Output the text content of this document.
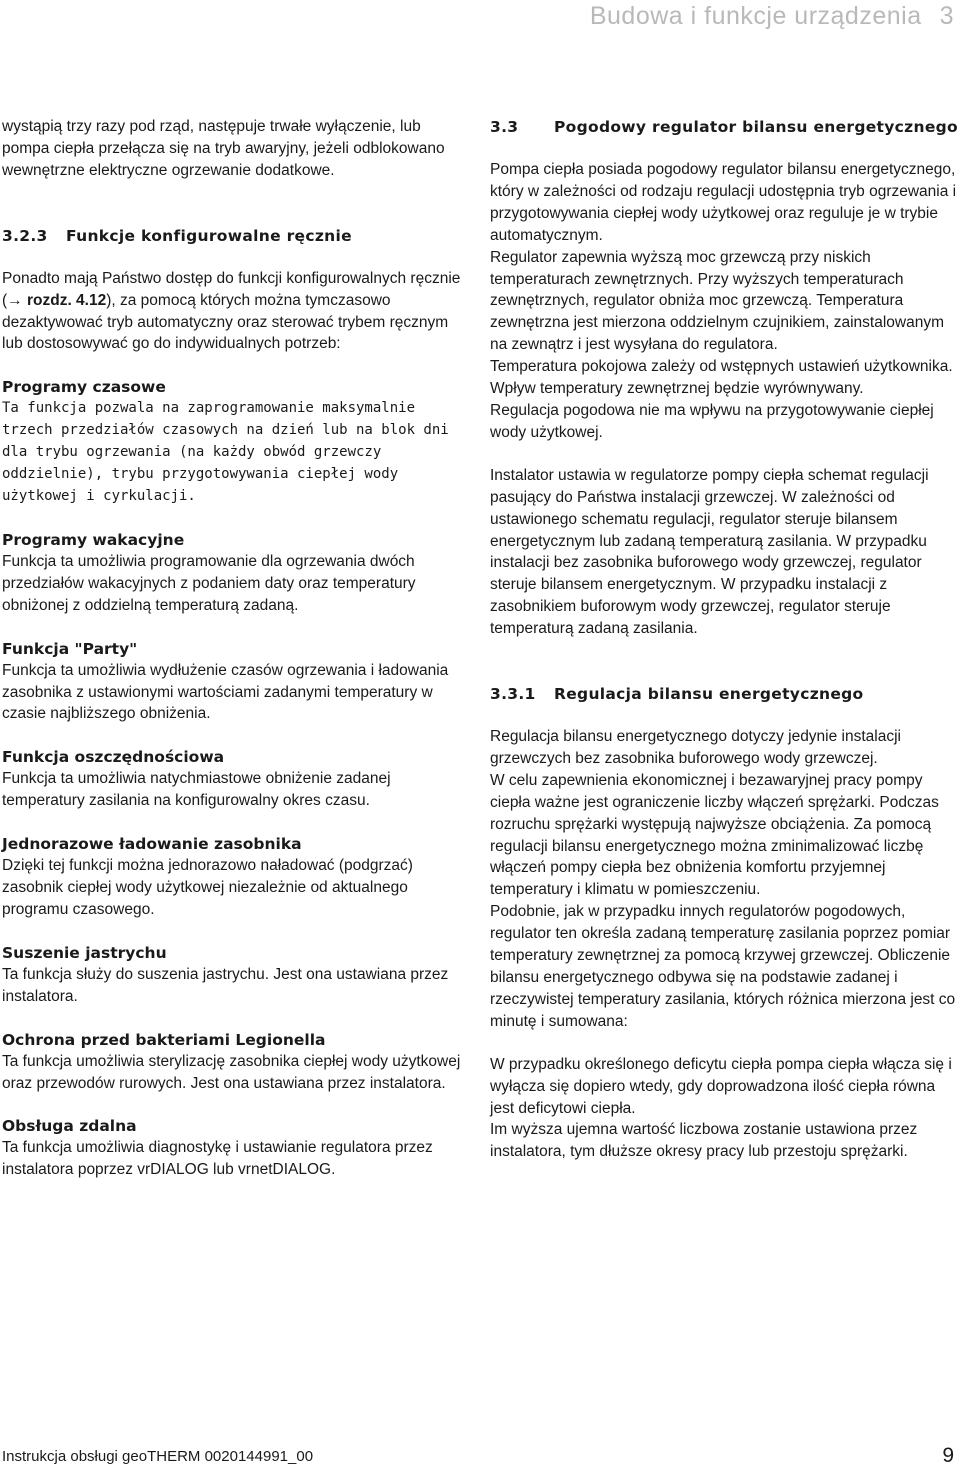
Budowa i funkcje urządzenia 3

wystąpią trzy razy pod rząd, następuje trwałe wyłączenie, lub pompa ciepła przełącza się na tryb awaryjny, jeżeli odblokowano wewnętrzne elektryczne ogrzewanie dodatkowe.

3.2.3	Funkcje konfigurowalne ręcznie

Ponadto mają Państwo dostęp do funkcji konfigurowalnych ręcznie (→ rozdz. 4.12), za pomocą których można tymczasowo dezaktywować tryb automatyczny oraz sterować trybem ręcznym lub dostosowywać go do indywidualnych potrzeb:

Programy czasowe

Ta funkcja pozwala na zaprogramowanie maksymalnie trzech przedziałów czasowych na dzień lub na blok dni dla trybu ogrzewania (na każdy obwód grzewczy oddzielnie), trybu przygotowywania ciepłej wody użytkowej i cyrkulacji.

Programy wakacyjne

Funkcja ta umożliwia programowanie dla ogrzewania dwóch przedziałów wakacyjnych z podaniem daty oraz temperatury obniżonej z oddzielną temperaturą zadaną.

Funkcja "Party"

Funkcja ta umożliwia wydłużenie czasów ogrzewania i ładowania zasobnika z ustawionymi wartościami zadanymi temperatury w czasie najbliższego obniżenia.

Funkcja oszczędnościowa

Funkcja ta umożliwia natychmiastowe obniżenie zadanej temperatury zasilania na konfigurowalny okres czasu.

Jednorazowe ładowanie zasobnika

Dzięki tej funkcji można jednorazowo naładować (podgrzać) zasobnik ciepłej wody użytkowej niezależnie od aktualnego programu czasowego.

Suszenie jastrychu

Ta funkcja służy do suszenia jastrychu. Jest ona ustawiana przez instalatora.

Ochrona przed bakteriami Legionella

Ta funkcja umożliwia sterylizację zasobnika ciepłej wody użytkowej oraz przewodów rurowych. Jest ona ustawiana przez instalatora.

Obsługa zdalna

Ta funkcja umożliwia diagnostykę i ustawianie regulatora przez instalatora poprzez vrDIALOG lub vrnetDIALOG.

3.3	Pogodowy regulator bilansu energetycznego

Pompa ciepła posiada pogodowy regulator bilansu energetycznego, który w zależności od rodzaju regulacji udostępnia tryb ogrzewania i przygotowywania ciepłej wody użytkowej oraz reguluje je w trybie automatycznym.

Regulator zapewnia wyższą moc grzewczą przy niskich temperaturach zewnętrznych. Przy wyższych temperaturach zewnętrznych, regulator obniża moc grzewczą. Temperatura zewnętrzna jest mierzona oddzielnym czujnikiem, zainstalowanym na zewnątrz i jest wysyłana do regulatora.

Temperatura pokojowa zależy od wstępnych ustawień użytkownika. Wpływ temperatury zewnętrznej będzie wyrównywany.

Regulacja pogodowa nie ma wpływu na przygotowywanie ciepłej wody użytkowej.

Instalator ustawia w regulatorze pompy ciepła schemat regulacji pasujący do Państwa instalacji grzewczej. W zależności od ustawionego schematu regulacji, regulator steruje bilansem energetycznym lub zadaną temperaturą zasilania. W przypadku instalacji bez zasobnika buforowego wody grzewczej, regulator steruje bilansem energetycznym. W przypadku instalacji z zasobnikiem buforowym wody grzewczej, regulator steruje temperaturą zadaną zasilania.

3.3.1	Regulacja bilansu energetycznego

Regulacja bilansu energetycznego dotyczy jedynie instalacji grzewczych bez zasobnika buforowego wody grzewczej.

W celu zapewnienia ekonomicznej i bezawaryjnej pracy pompy ciepła ważne jest ograniczenie liczby włączeń sprężarki. Podczas rozruchu sprężarki występują najwyższe obciążenia. Za pomocą regulacji bilansu energetycznego można zminimalizować liczbę włączeń pompy ciepła bez obniżenia komfortu przyjemnej temperatury i klimatu w pomieszczeniu.

Podobnie, jak w przypadku innych regulatorów pogodowych, regulator ten określa zadaną temperaturę zasilania poprzez pomiar temperatury zewnętrznej za pomocą krzywej grzewczej. Obliczenie bilansu energetycznego odbywa się na podstawie zadanej i rzeczywistej temperatury zasilania, których różnica mierzona jest co minutę i sumowana:

W przypadku określonego deficytu ciepła pompa ciepła włącza się i wyłącza się dopiero wtedy, gdy doprowadzona ilość ciepła równa jest deficytowi ciepła.

Im wyższa ujemna wartość liczbowa zostanie ustawiona przez instalatora, tym dłuższe okresy pracy lub przestoju sprężarki.

Instrukcja obsługi geoTHERM 0020144991_00	9
